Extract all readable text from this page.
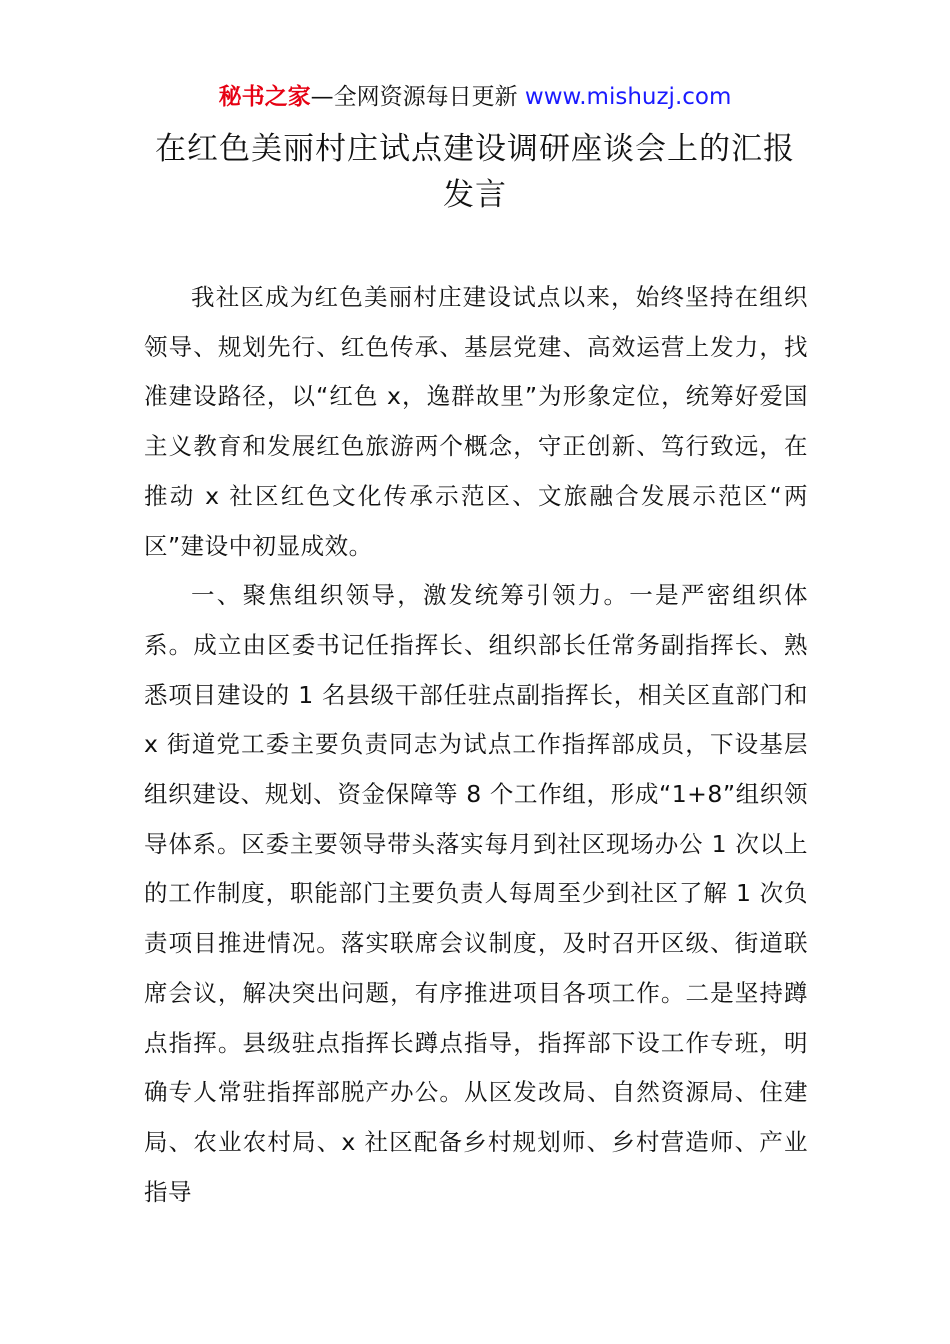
秘书之家—全网资源每日更新 www.mishuzj.com
在红色美丽村庄试点建设调研座谈会上的汇报
发言

我社区成为红色美丽村庄建设试点以来，始终坚持在组织领导、规划先行、红色传承、基层党建、高效运营上发力，找准建设路径，以“红色 x，逸群故里”为形象定位，统筹好爱国主义教育和发展红色旅游两个概念，守正创新、笃行致远，在推动 x 社区红色文化传承示范区、文旅融合发展示范区“两区”建设中初显成效。

一、聚焦组织领导，激发统筹引领力。一是严密组织体系。成立由区委书记任指挥长、组织部长任常务副指挥长、熟悉项目建设的 1 名县级干部任驻点副指挥长，相关区直部门和 x 街道党工委主要负责同志为试点工作指挥部成员，下设基层组织建设、规划、资金保障等 8 个工作组，形成“1+8”组织领导体系。区委主要领导带头落实每月到社区现场办公 1 次以上的工作制度，职能部门主要负责人每周至少到社区了解 1 次负责项目推进情况。落实联席会议制度，及时召开区级、街道联席会议，解决突出问题，有序推进项目各项工作。二是坚持蹲点指挥。县级驻点指挥长蹲点指导，指挥部下设工作专班，明确专人常驻指挥部脱产办公。从区发改局、自然资源局、住建局、农业农村局、x 社区配备乡村规划师、乡村营造师、产业指导
